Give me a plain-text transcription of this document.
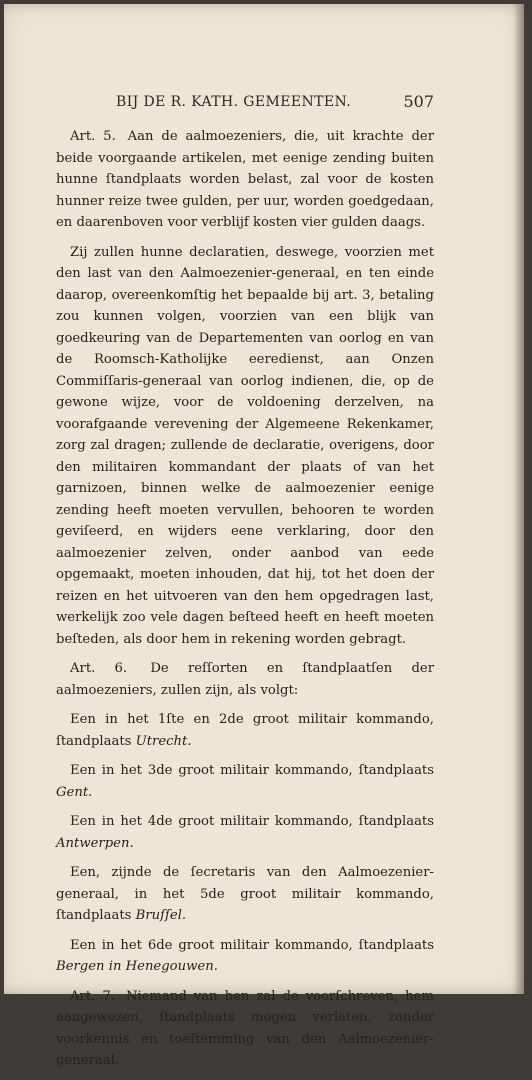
BIJ DE R. KATH. GEMEENTEN.	507

Art. 5. Aan de aalmoezeniers, die, uit krachte der beide voorgaande artikelen, met eenige zending buiten hunne ſtandplaats worden belast, zal voor de kosten hunner reize twee gulden, per uur, worden goedgedaan, en daarenboven voor verblijf kosten vier gulden daags.

Zij zullen hunne declaratien, deswege, voorzien met den last van den Aalmoezenier-generaal, en ten einde daarop, overeenkomſtig het bepaalde bij art. 3, betaling zou kunnen volgen, voorzien van een blijk van goedkeuring van de Departementen van oorlog en van de Roomsch-Katholijke eeredienst, aan Onzen Commiſſaris-generaal van oorlog indienen, die, op de gewone wijze, voor de voldoening derzelven, na voorafgaande verevening der Algemeene Rekenkamer, zorg zal dragen; zullende de declaratie, overigens, door den militairen kommandant der plaats of van het garnizoen, binnen welke de aalmoezenier eenige zending heeft moeten vervullen, behooren te worden geviſeerd, en wijders eene verklaring, door den aalmoezenier zelven, onder aanbod van eede opgemaakt, moeten inhouden, dat hij, tot het doen der reizen en het uitvoeren van den hem opgedragen last, werkelijk zoo vele dagen beſteed heeft en heeft moeten beſteden, als door hem in rekening worden gebragt.

Art. 6. De reſſorten en ſtandplaatſen der aalmoezeniers, zullen zijn, als volgt:

Een in het 1ſte en 2de groot militair kommando, ſtandplaats Utrecht.

Een in het 3de groot militair kommando, ſtandplaats Gent.

Een in het 4de groot militair kommando, ſtandplaats Antwerpen.

Een, zijnde de ſecretaris van den Aalmoezenier-generaal, in het 5de groot militair kommando, ſtandplaats Bruſſel.

Een in het 6de groot militair kommando, ſtandplaats Bergen in Henegouwen.

Art. 7. Niemand van hen zal de voorſchreven, hem aangewezen, ſtandplaats mogen verlaten, zonder voorkennis en toeſtemming van den Aalmoezenier-generaal.
